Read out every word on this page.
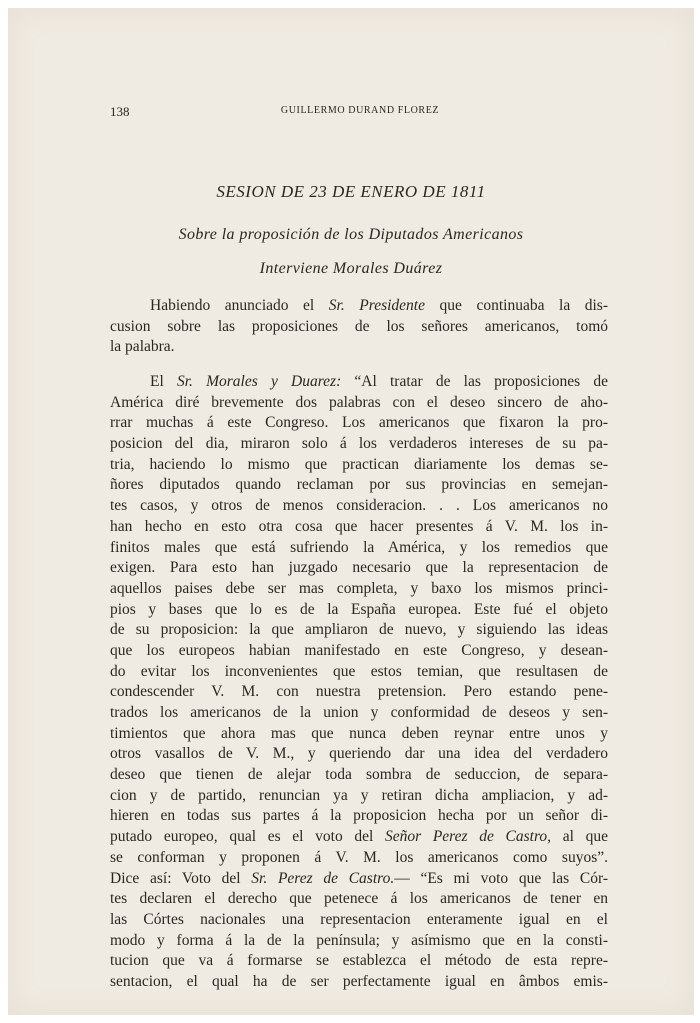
138	GUILLERMO DURAND FLOREZ
SESION DE 23 DE ENERO DE 1811
Sobre la proposición de los Diputados Americanos
Interviene Morales Duárez
Habiendo anunciado el Sr. Presidente que continuaba la dis-
cusion sobre las proposiciones de los señores americanos, tomó
la palabra.
El Sr. Morales y Duarez: “Al tratar de las proposiciones de
América diré brevemente dos palabras con el deseo sincero de aho-
rrar muchas á este Congreso. Los americanos que fixaron la pro-
posicion del dia, miraron solo á los verdaderos intereses de su pa-
tria, haciendo lo mismo que practican diariamente los demas se-
ñores diputados quando reclaman por sus provincias en semejan-
tes casos, y otros de menos consideracion. . . Los americanos no
han hecho en esto otra cosa que hacer presentes á V. M. los in-
finitos males que está sufriendo la América, y los remedios que
exigen. Para esto han juzgado necesario que la representacion de
aquellos paises debe ser mas completa, y baxo los mismos princi-
pios y bases que lo es de la España europea. Este fué el objeto
de su proposicion: la que ampliaron de nuevo, y siguiendo las ideas
que los europeos habian manifestado en este Congreso, y desean-
do evitar los inconvenientes que estos temian, que resultasen de
condescender V. M. con nuestra pretension. Pero estando pene-
trados los americanos de la union y conformidad de deseos y sen-
timientos que ahora mas que nunca deben reynar entre unos y
otros vasallos de V. M., y queriendo dar una idea del verdadero
deseo que tienen de alejar toda sombra de seduccion, de separa-
cion y de partido, renuncian ya y retiran dicha ampliacion, y ad-
hieren en todas sus partes á la proposicion hecha por un señor di-
putado europeo, qual es el voto del Señor Perez de Castro, al que
se conforman y proponen á V. M. los americanos como suyos”.
Dice así: Voto del Sr. Perez de Castro.— “Es mi voto que las Cór-
tes declaren el derecho que petenece á los americanos de tener en
las Córtes nacionales una representacion enteramente igual en el
modo y forma á la de la península; y asímismo que en la consti-
tucion que va á formarse se establezca el método de esta repre-
sentacion, el qual ha de ser perfectamente igual en âmbos emis-
